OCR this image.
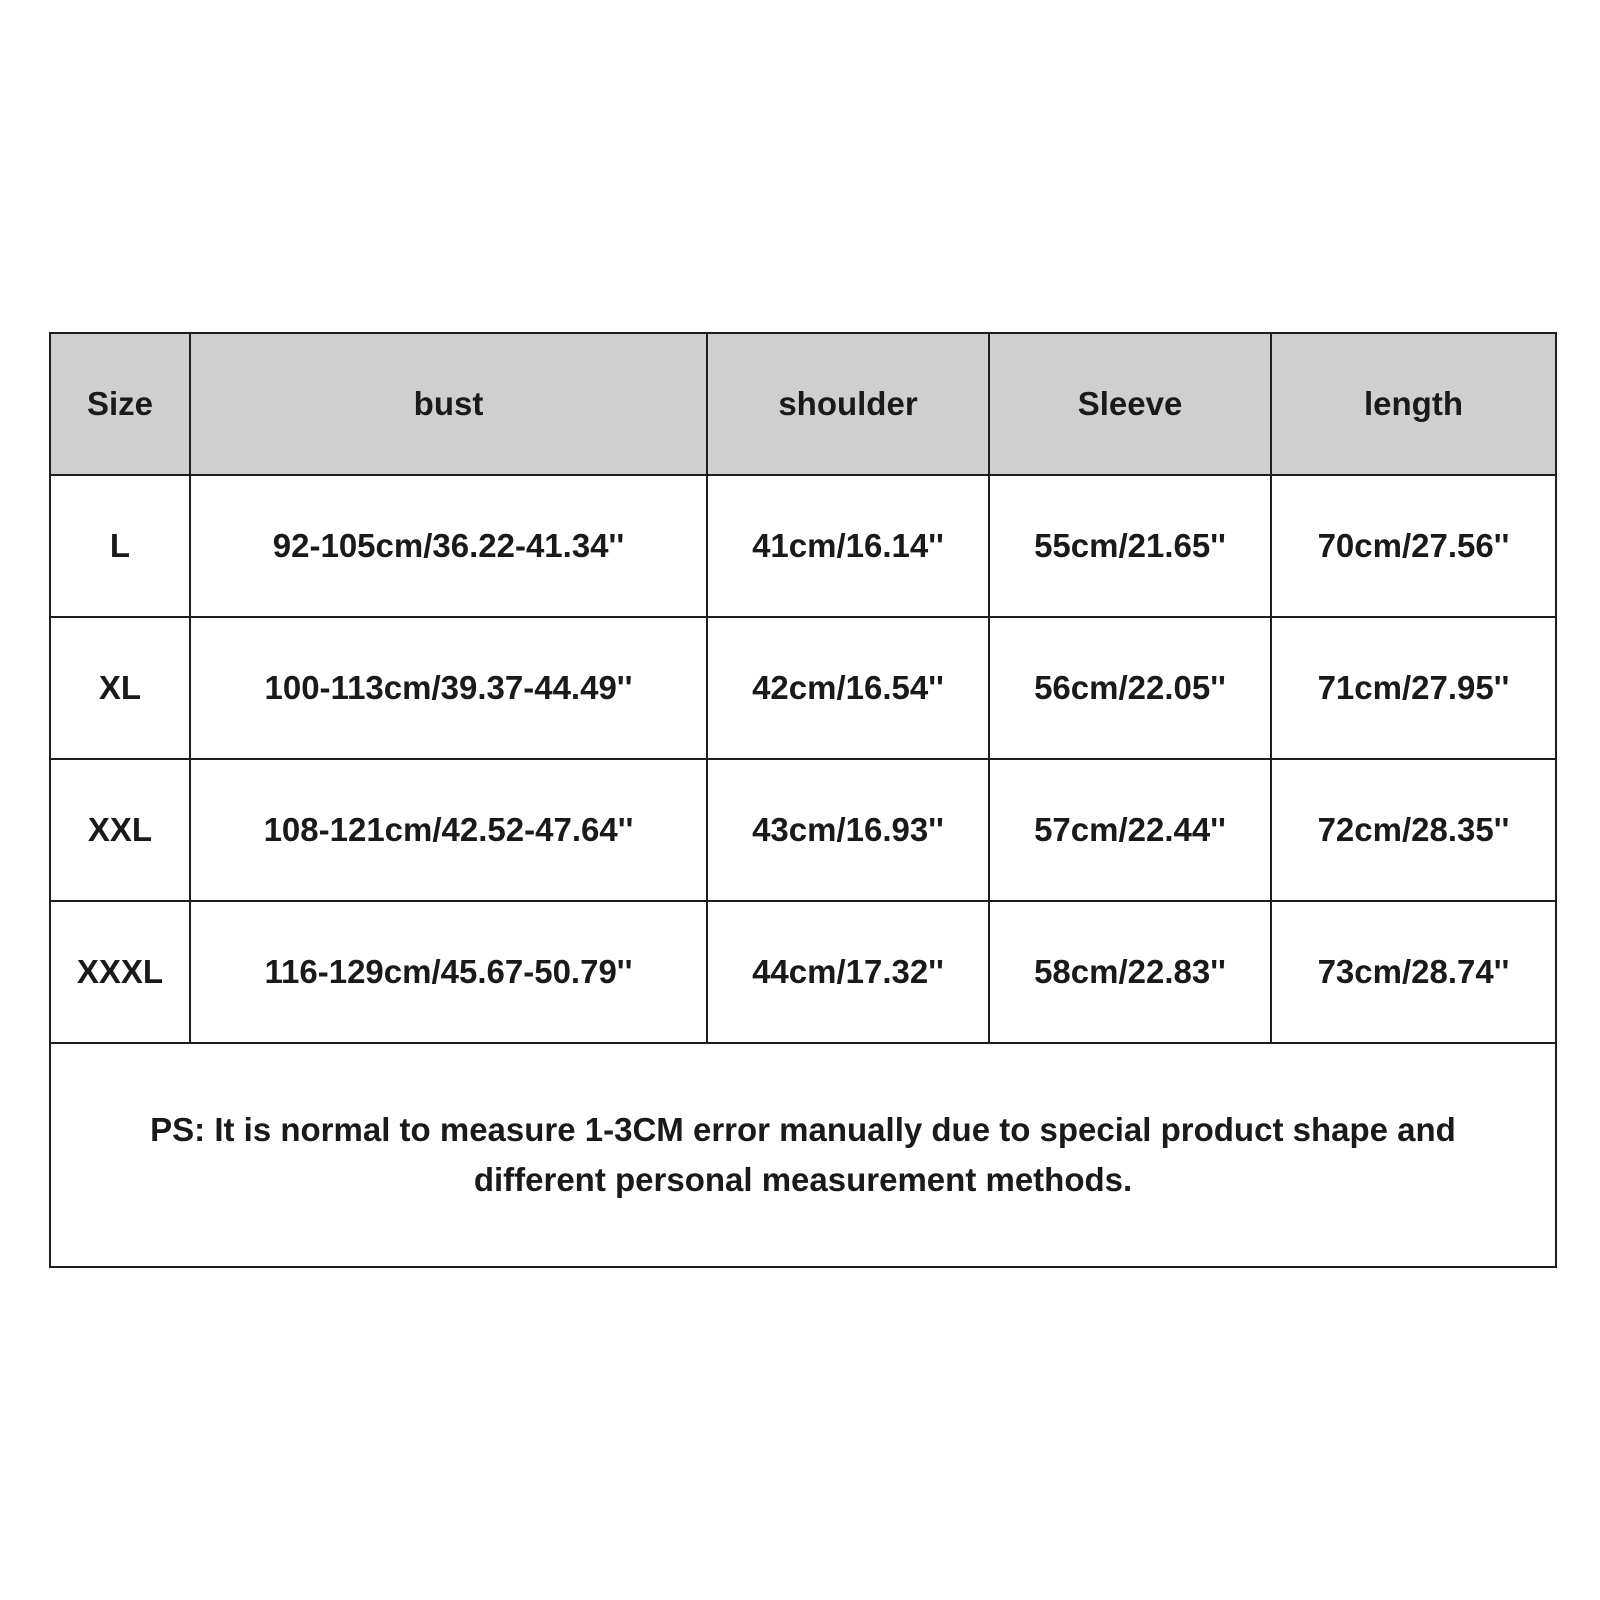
Size	bust	shoulder	Sleeve	length
L	92-105cm/36.22-41.34''	41cm/16.14''	55cm/21.65''	70cm/27.56''
XL	100-113cm/39.37-44.49''	42cm/16.54''	56cm/22.05''	71cm/27.95''
XXL	108-121cm/42.52-47.64''	43cm/16.93''	57cm/22.44''	72cm/28.35''
XXXL	116-129cm/45.67-50.79''	44cm/17.32''	58cm/22.83''	73cm/28.74''
PS: It is normal to measure 1-3CM error manually due to special product shape and different personal measurement methods.				
